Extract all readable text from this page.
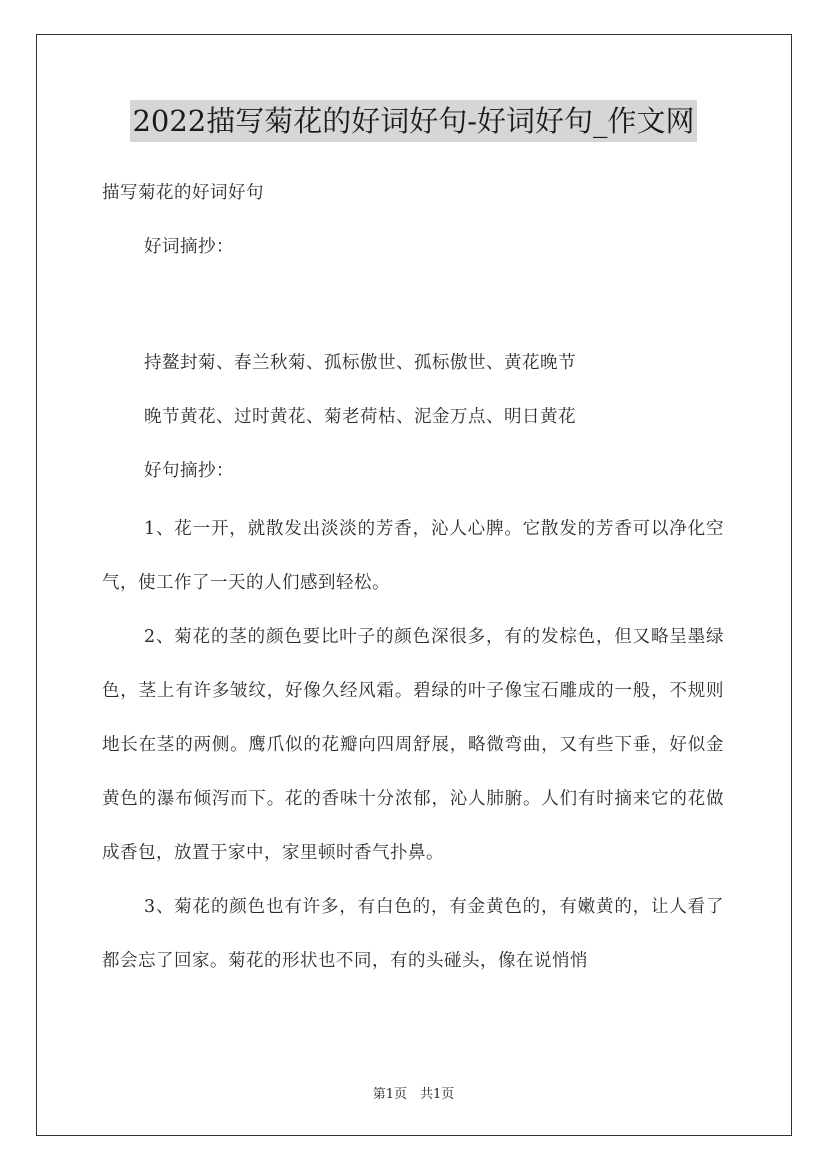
2022描写菊花的好词好句-好词好句_作文网
描写菊花的好词好句
好词摘抄：
持鳌封菊、春兰秋菊、孤标傲世、孤标傲世、黄花晚节
晚节黄花、过时黄花、菊老荷枯、泥金万点、明日黄花
好句摘抄：

1、花一开，就散发出淡淡的芳香，沁人心脾。它散发的芳香可以净化空气，使工作了一天的人们感到轻松。

2、菊花的茎的颜色要比叶子的颜色深很多，有的发棕色，但又略呈墨绿色，茎上有许多皱纹，好像久经风霜。碧绿的叶子像宝石雕成的一般，不规则地长在茎的两侧。鹰爪似的花瓣向四周舒展，略微弯曲，又有些下垂，好似金黄色的瀑布倾泻而下。花的香味十分浓郁，沁人肺腑。人们有时摘来它的花做成香包，放置于家中，家里顿时香气扑鼻。

3、菊花的颜色也有许多，有白色的，有金黄色的，有嫩黄的，让人看了都会忘了回家。菊花的形状也不同，有的头碰头，像在说悄悄

第1页　共1页
